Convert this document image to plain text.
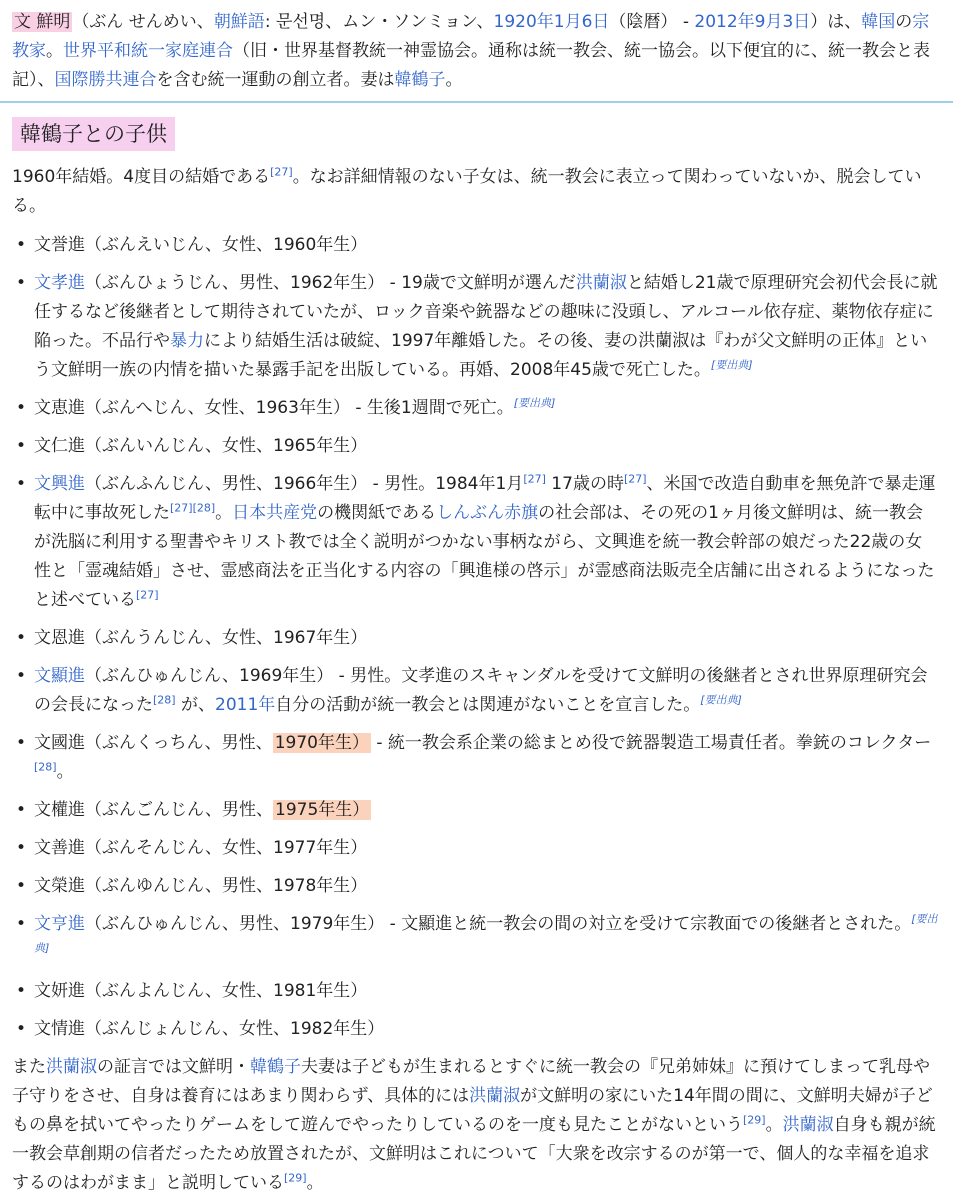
文 鮮明 （ぶん せんめい、朝鮮語: 문선명、ムン・ソンミョン、1920年1月6日（陰暦） - 2012年9月3日）は、韓国の宗教家。世界平和統一家庭連合（旧・世界基督教統一神霊協会。通称は統一教会、統一協会。以下便宜的に、統一教会と表記）、国際勝共連合を含む統一運動の創立者。妻は韓鶴子。
韓鶴子との子供
1960年結婚。4度目の結婚である[27]。なお詳細情報のない子女は、統一教会に表立って関わっていないか、脱会している。
• 文誉進（ぶんえいじん、女性、1960年生）
• 文孝進（ぶんひょうじん、男性、1962年生） - 19歳で文鮮明が選んだ洪蘭淑と結婚し21歳で原理研究会初代会長に就任するなど後継者として期待されていたが、ロック音楽や銃器などの趣味に没頭し、アルコール依存症、薬物依存症に陥った。不品行や暴力により結婚生活は破綻、1997年離婚した。その後、妻の洪蘭淑は『わが父文鮮明の正体』という文鮮明一族の内情を描いた暴露手記を出版している。再婚、2008年45歳で死亡した。[要出典]
• 文恵進（ぶんへじん、女性、1963年生） - 生後1週間で死亡。[要出典]
• 文仁進（ぶんいんじん、女性、1965年生）
• 文興進（ぶんふんじん、男性、1966年生） - 男性。1984年1月[27] 17歳の時[27]、米国で改造自動車を無免許で暴走運転中に事故死した[27][28]。日本共産党の機関紙であるしんぶん赤旗の社会部は、その死の1ヶ月後文鮮明は、統一教会が洗脳に利用する聖書やキリスト教では全く説明がつかない事柄ながら、文興進を統一教会幹部の娘だった22歳の女性と「霊魂結婚」させ、霊感商法を正当化する内容の「興進様の啓示」が霊感商法販売全店舗に出されるようになったと述べている[27]
• 文恩進（ぶんうんじん、女性、1967年生）
• 文顯進（ぶんひゅんじん、1969年生） - 男性。文孝進のスキャンダルを受けて文鮮明の後継者とされ世界原理研究会の会長になった[28] が、2011年自分の活動が統一教会とは関連がないことを宣言した。[要出典]
• 文國進（ぶんくっちん、男性、 1970年生） - 統一教会系企業の総まとめ役で銃器製造工場責任者。拳銃のコレクター[28]。
• 文權進（ぶんごんじん、男性、 1975年生）
• 文善進（ぶんそんじん、女性、1977年生）
• 文榮進（ぶんゆんじん、男性、1978年生）
• 文亨進（ぶんひゅんじん、男性、1979年生） - 文顯進と統一教会の間の対立を受けて宗教面での後継者とされた。[要出典]
• 文妍進（ぶんよんじん、女性、1981年生）
• 文情進（ぶんじょんじん、女性、1982年生）
また洪蘭淑の証言では文鮮明・韓鶴子夫妻は子どもが生まれるとすぐに統一教会の『兄弟姉妹』に預けてしまって乳母や子守りをさせ、自身は養育にはあまり関わらず、具体的には洪蘭淑が文鮮明の家にいた14年間の間に、文鮮明夫婦が子どもの鼻を拭いてやったりゲームをして遊んでやったりしているのを一度も見たことがないという[29]。洪蘭淑自身も親が統一教会草創期の信者だったため放置されたが、文鮮明はこれについて「大衆を改宗するのが第一で、個人的な幸福を追求するのはわがまま」と説明している[29]。
